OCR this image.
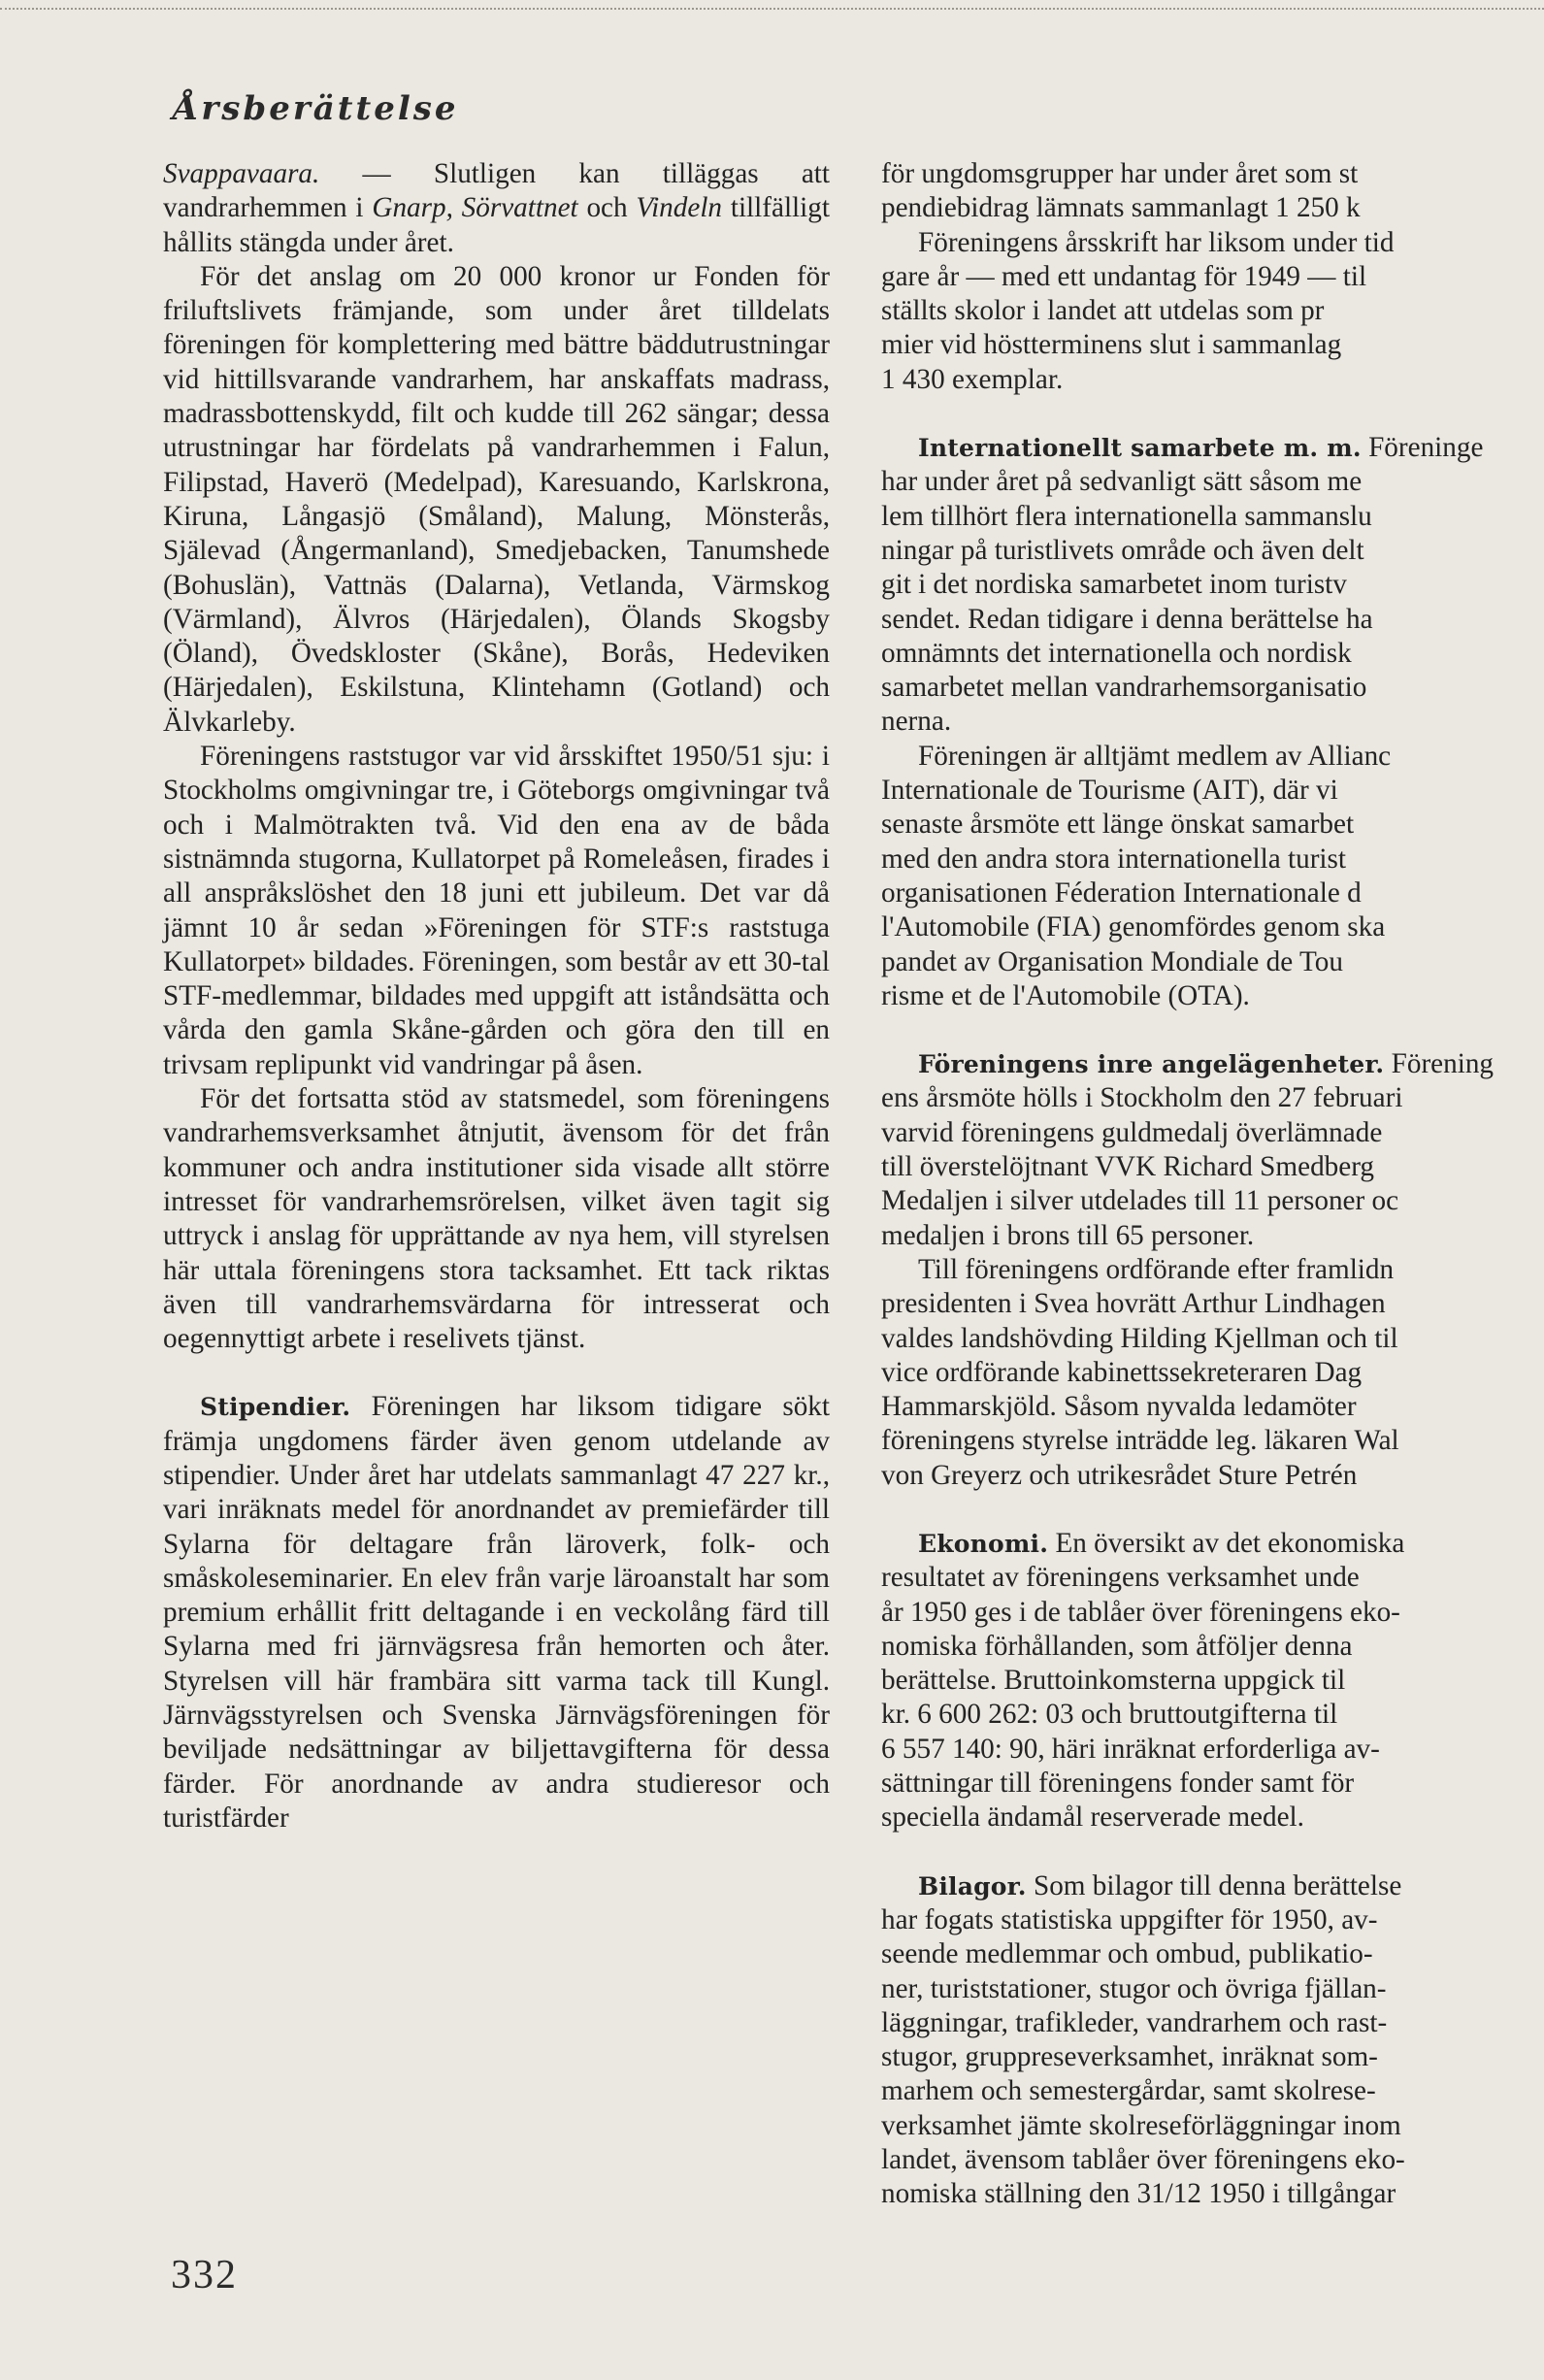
Årsberättelse

Svappavaara. — Slutligen kan tilläggas att vandrarhemmen i Gnarp, Sörvattnet och Vindeln tillfälligt hållits stängda under året.

För det anslag om 20 000 kronor ur Fonden för friluftslivets främjande, som under året tilldelats föreningen för komplettering med bättre bäddutrustningar vid hittillsvarande vandrarhem, har anskaffats madrass, madrassbottenskydd, filt och kudde till 262 sängar; dessa utrustningar har fördelats på vandrarhemmen i Falun, Filipstad, Haverö (Medelpad), Karesuando, Karlskrona, Kiruna, Långasjö (Småland), Malung, Mönsterås, Själevad (Ångermanland), Smedjebacken, Tanumshede (Bohuslän), Vattnäs (Dalarna), Vetlanda, Värmskog (Värmland), Älvros (Härjedalen), Ölands Skogsby (Öland), Övedskloster (Skåne), Borås, Hedeviken (Härjedalen), Eskilstuna, Klintehamn (Gotland) och Älvkarleby.

Föreningens raststugor var vid årsskiftet 1950/51 sju: i Stockholms omgivningar tre, i Göteborgs omgivningar två och i Malmötrakten två. Vid den ena av de båda sistnämnda stugorna, Kullatorpet på Romeleåsen, firades i all anspråkslöshet den 18 juni ett jubileum. Det var då jämnt 10 år sedan »Föreningen för STF:s raststuga Kullatorpet» bildades. Föreningen, som består av ett 30-tal STF-medlemmar, bildades med uppgift att iståndsätta och vårda den gamla Skåne-gården och göra den till en trivsam replipunkt vid vandringar på åsen.

För det fortsatta stöd av statsmedel, som föreningens vandrarhemsverksamhet åtnjutit, ävensom för det från kommuner och andra institutioner sida visade allt större intresset för vandrarhemsrörelsen, vilket även tagit sig uttryck i anslag för upprättande av nya hem, vill styrelsen här uttala föreningens stora tacksamhet. Ett tack riktas även till vandrarhemsvärdarna för intresserat och oegennyttigt arbete i reselivets tjänst.

Stipendier. Föreningen har liksom tidigare sökt främja ungdomens färder även genom utdelande av stipendier. Under året har utdelats sammanlagt 47 227 kr., vari inräknats medel för anordnandet av premiefärder till Sylarna för deltagare från läroverk, folk- och småskoleseminarier. En elev från varje läroanstalt har som premium erhållit fritt deltagande i en veckolång färd till Sylarna med fri järnvägsresa från hemorten och åter. Styrelsen vill här frambära sitt varma tack till Kungl. Järnvägsstyrelsen och Svenska Järnvägsföreningen för beviljade nedsättningar av biljettavgifterna för dessa färder. För anordnande av andra studieresor och turistfärder

för ungdomsgrupper har under året som st
pendiebidrag lämnats sammanlagt 1 250 k
Föreningens årsskrift har liksom under tid
gare år — med ett undantag för 1949 — til
ställts skolor i landet att utdelas som pr
mier vid höstterminens slut i sammanlag
1 430 exemplar.
Internationellt samarbete m. m. Föreninge
har under året på sedvanligt sätt såsom me
lem tillhört flera internationella sammanslu
ningar på turistlivets område och även delt
git i det nordiska samarbetet inom turistv
sendet. Redan tidigare i denna berättelse ha
omnämnts det internationella och nordisk
samarbetet mellan vandrarhemsorganisatio
nerna.
Föreningen är alltjämt medlem av Allianc
Internationale de Tourisme (AIT), där vi
senaste årsmöte ett länge önskat samarbet
med den andra stora internationella turist
organisationen Féderation Internationale d
l'Automobile (FIA) genomfördes genom ska
pandet av Organisation Mondiale de Tou
risme et de l'Automobile (OTA).
Föreningens inre angelägenheter. Förening
ens årsmöte hölls i Stockholm den 27 februari
varvid föreningens guldmedalj överlämnade
till överstelöjtnant VVK Richard Smedberg
Medaljen i silver utdelades till 11 personer oc
medaljen i brons till 65 personer.
Till föreningens ordförande efter framlidn
presidenten i Svea hovrätt Arthur Lindhagen
valdes landshövding Hilding Kjellman och til
vice ordförande kabinettssekreteraren Dag
Hammarskjöld. Såsom nyvalda ledamöter
föreningens styrelse inträdde leg. läkaren Wal
von Greyerz och utrikesrådet Sture Petrén
Ekonomi. En översikt av det ekonomiska
resultatet av föreningens verksamhet unde
år 1950 ges i de tablåer över föreningens eko-
nomiska förhållanden, som åtföljer denna
berättelse. Bruttoinkomsterna uppgick til
kr. 6 600 262: 03 och bruttoutgifterna til
6 557 140: 90, häri inräknat erforderliga av-
sättningar till föreningens fonder samt för
speciella ändamål reserverade medel.
Bilagor. Som bilagor till denna berättelse
har fogats statistiska uppgifter för 1950, av-
seende medlemmar och ombud, publikatio-
ner, turiststationer, stugor och övriga fjällan-
läggningar, trafikleder, vandrarhem och rast-
stugor, gruppreseverksamhet, inräknat som-
marhem och semestergårdar, samt skolrese-
verksamhet jämte skolreseförläggningar inom
landet, ävensom tablåer över föreningens eko-
nomiska ställning den 31/12 1950 i tillgångar
332
